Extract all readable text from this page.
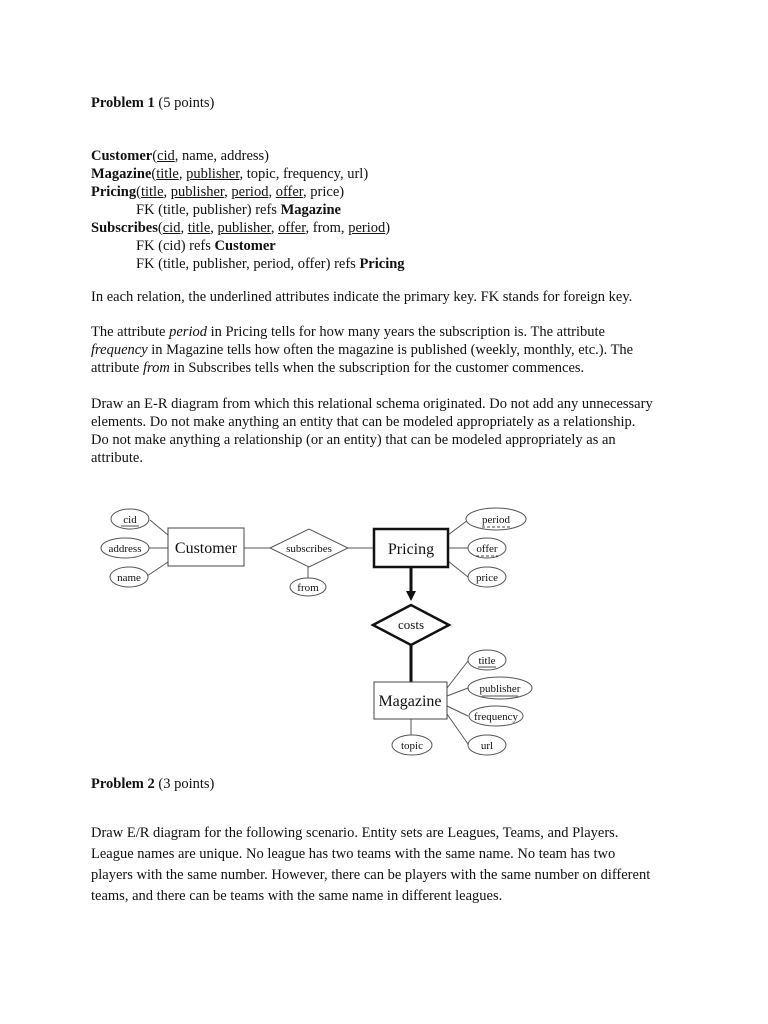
Problem 1 (5 points)
Customer(cid, name, address)
Magazine(title, publisher, topic, frequency, url)
Pricing(title, publisher, period, offer, price)
FK (title, publisher) refs Magazine
Subscribes(cid, title, publisher, offer, from, period)
FK (cid) refs Customer
FK (title, publisher, period, offer) refs Pricing
In each relation, the underlined attributes indicate the primary key. FK stands for foreign key.
The attribute period in Pricing tells for how many years the subscription is. The attribute
frequency in Magazine tells how often the magazine is published (weekly, monthly, etc.). The
attribute from in Subscribes tells when the subscription for the customer commences.
Draw an E-R diagram from which this relational schema originated. Do not add any unnecessary
elements. Do not make anything an entity that can be modeled appropriately as a relationship.
Do not make anything a relationship (or an entity) that can be modeled appropriately as an
attribute.
Customer	Pricing
Magazine
subscribes
costs
cid
address
name
from
period
offer
price
title
publisher
frequency
url
topic
Problem 2 (3 points)
Draw E/R diagram for the following scenario. Entity sets are Leagues, Teams, and Players.
League names are unique. No league has two teams with the same name. No team has two
players with the same number. However, there can be players with the same number on different
teams, and there can be teams with the same name in different leagues.
